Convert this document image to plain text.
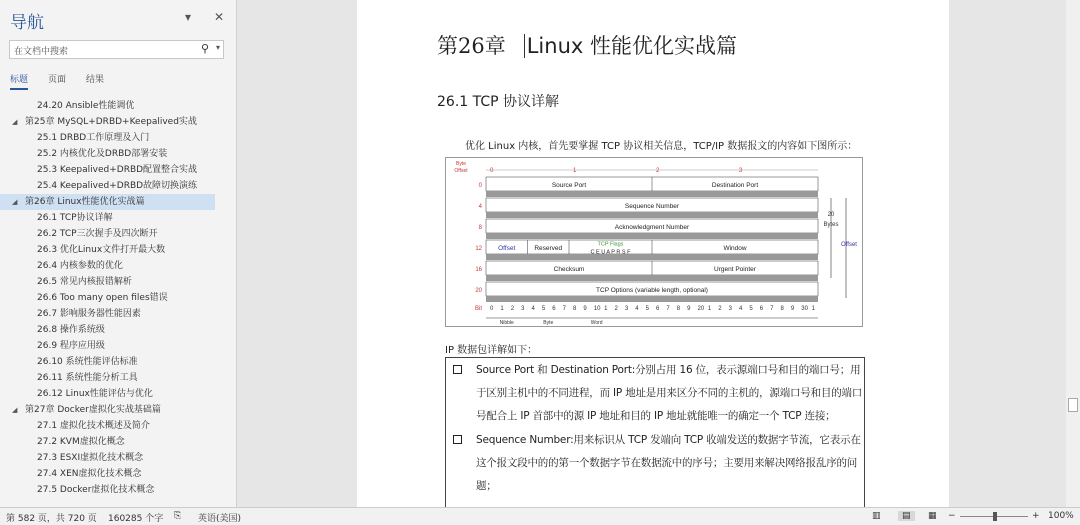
导航	▾ ✕
在文档中搜索	⚲ ▾
标题 页面 结果
24.20 Ansible性能调优
◢ 第25章 MySQL+DRBD+Keepalived实战
25.1 DRBD工作原理及入门
25.2 内核优化及DRBD部署安装
25.3 Keepalived+DRBD配置整合实战
25.4 Keepalived+DRBD故障切换演练
◢ 第26章 Linux性能优化实战篇
26.1 TCP协议详解
26.2 TCP三次握手及四次断开
26.3 优化Linux文件打开最大数
26.4 内核参数的优化
26.5 常见内核报错解析
26.6 Too many open files错误
26.7 影响服务器性能因素
26.8 操作系统级
26.9 程序应用级
26.10 系统性能评估标准
26.11 系统性能分析工具
26.12 Linux性能评估与优化
◢ 第27章 Docker虚拟化实战基础篇
27.1 虚拟化技术概述及简介
27.2 KVM虚拟化概念
27.3 ESXI虚拟化技术概念
27.4 XEN虚拟化技术概念
27.5 Docker虚拟化技术概念
第26章 Linux 性能优化实战篇
26.1 TCP 协议详解
优化 Linux 内核，首先要掌握 TCP 协议相关信息，TCP/IP 数据报文的内容如下图所示：
Byte
Offset	0	1	2	3
0
4
8
12
16
20
Source Port	Destination Port
Sequence Number
Acknowledgment Number
Offset	Reserved
TCP Flags
C E U A P R S F
Window
Checksum	Urgent Pointer
TCP Options (variable length, optional)
Bit 0 1 2 3 4 5 6 7 8 9 10 1 2 3 4 5 6 7 8 9 20 1 2 3 4 5 6 7 8 9 30 1
Nibble	Byte	Word
20
Bytes
Offset
IP 数据包详解如下：
Source Port 和 Destination Port:分别占用 16 位，表示源端口号和目的端口号；用
于区别主机中的不同进程，而 IP 地址是用来区分不同的主机的，源端口号和目的端口
号配合上 IP 首部中的源 IP 地址和目的 IP 地址就能唯一的确定一个 TCP 连接；
Sequence Number:用来标识从 TCP 发端向 TCP 收端发送的数据字节流，它表示在
这个报文段中的的第一个数据字节在数据流中的序号；主要用来解决网络报乱序的问
题；
第 582 页，共 720 页 160285 个字 ⎘ 英语(美国)	▥	▤	▦ −	+ 100%
